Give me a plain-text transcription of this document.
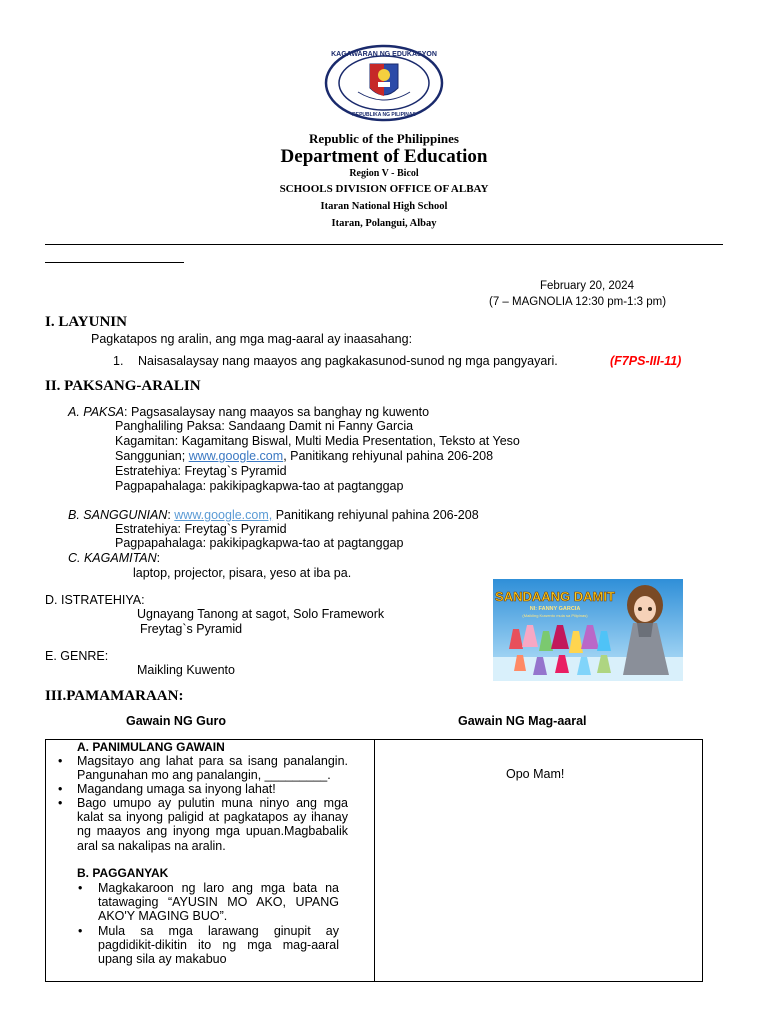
KAGAWARAN NG EDUKASYON
REPUBLIKA NG PILIPINAS
Republic of the Philippines
Department of Education
Region V - Bicol
SCHOOLS DIVISION OFFICE OF ALBAY
Itaran National High School
Itaran, Polangui, Albay
February 20, 2024
(7 – MAGNOLIA 12:30 pm-1:3 pm)
I. LAYUNIN
Pagkatapos ng aralin, ang mga mag-aaral ay inaasahang:
1. Naisasalaysay nang maayos ang pagkakasunod-sunod ng mga pangyayari.	(F7PS-III-11)
II. PAKSANG-ARALIN
A. PAKSA: Pagsasalaysay nang maayos sa banghay ng kuwento
Panghaliling Paksa: Sandaang Damit ni Fanny Garcia
Kagamitan: Kagamitang Biswal, Multi Media Presentation, Teksto at Yeso
Sanggunian; www.google.com, Panitikang rehiyunal pahina 206-208
Estratehiya: Freytag`s Pyramid
Pagpapahalaga: pakikipagkapwa-tao at pagtanggap
B. SANGGUNIAN: www.google.com, Panitikang rehiyunal pahina 206-208
Estratehiya: Freytag`s Pyramid
Pagpapahalaga: pakikipagkapwa-tao at pagtanggap
C. KAGAMITAN:
laptop, projector, pisara, yeso at iba pa.
D. ISTRATEHIYA:
Ugnayang Tanong at sagot, Solo Framework
Freytag`s Pyramid
E. GENRE:
Maikling Kuwento
SANDAANG DAMIT
NI: FANNY GARCIA
(Maikling Kuwento mula sa Pilipinas)
III.PAMAMARAAN:
Gawain NG Guro	Gawain NG Mag-aaral
A. PANIMULANG GAWAIN
• Magsitayo ang lahat para sa isang panalangin. Pangunahan mo ang panalangin, _________.
• Magandang umaga sa inyong lahat!
• Bago umupo ay pulutin muna ninyo ang mga kalat sa inyong paligid at pagkatapos ay ihanay ng maayos ang inyong mga upuan.Magbabalik aral sa nakalipas na aralin.
B. PAGGANYAK
• Magkakaroon ng laro ang mga bata na tatawaging “AYUSIN MO AKO, UPANG AKO'Y MAGING BUO”.
• Mula sa mga larawang ginupit ay pagdidikit-dikitin ito ng mga mag-aaral upang sila ay makabuo
Opo Mam!
